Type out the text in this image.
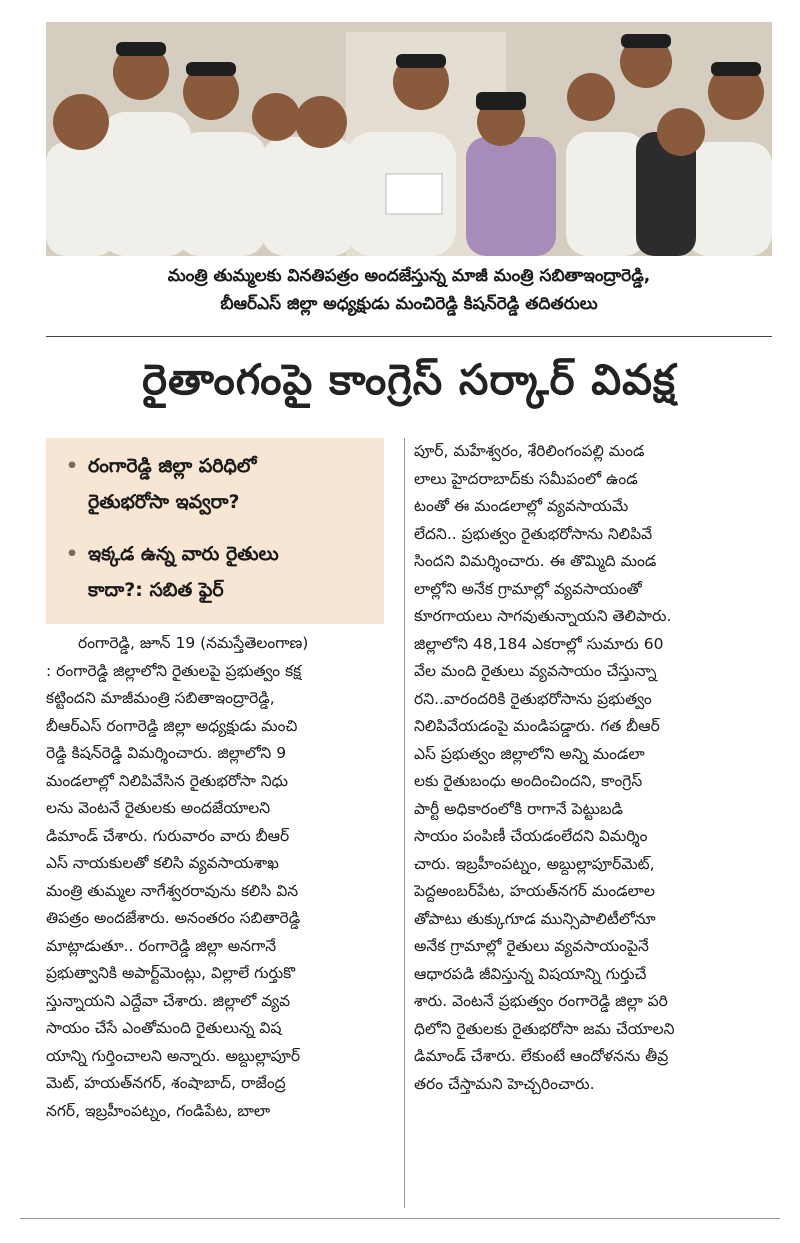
మంత్రి తుమ్మలకు వినతిపత్రం అందజేస్తున్న మాజీ మంత్రి సబితాఇంద్రారెడ్డి,
బీఆర్ఎస్ జిల్లా అధ్యక్షుడు మంచిరెడ్డి కిషన్‌రెడ్డి తదితరులు
రైతాంగంపై కాంగ్రెస్ సర్కార్ వివక్ష
• రంగారెడ్డి జిల్లా పరిధిలో
రైతుభరోసా ఇవ్వరా?
• ఇక్కడ ఉన్న వారు రైతులు
కాదా?: సబిత ఫైర్
రంగారెడ్డి, జూన్ 19 (నమస్తేతెలంగాణ)
: రంగారెడ్డి జిల్లాలోని రైతులపై ప్రభుత్వం కక్ష
కట్టిందని మాజీమంత్రి సబితాఇంద్రారెడ్డి,
బీఆర్ఎస్ రంగారెడ్డి జిల్లా అధ్యక్షుడు మంచి
రెడ్డి కిషన్‌రెడ్డి విమర్శించారు. జిల్లాలోని 9
మండలాల్లో నిలిపివేసిన రైతుభరోసా నిధు
లను వెంటనే రైతులకు అందజేయాలని
డిమాండ్ చేశారు. గురువారం వారు బీఆర్
ఎస్ నాయకులతో కలిసి వ్యవసాయశాఖ
మంత్రి తుమ్మల నాగేశ్వరరావును కలిసి విన
తిపత్రం అందజేశారు. అనంతరం సబితారెడ్డి
మాట్లాడుతూ.. రంగారెడ్డి జిల్లా అనగానే
ప్రభుత్వానికి అపార్ట్‌మెంట్లు, విల్లాలే గుర్తుకొ
స్తున్నాయని ఎద్దేవా చేశారు. జిల్లాలో వ్యవ
సాయం చేసే ఎంతోమంది రైతులున్న విష
యాన్ని గుర్తించాలని అన్నారు. అబ్దుల్లాపూర్
మెట్, హయత్‌నగర్, శంషాబాద్, రాజేంద్ర
నగర్, ఇబ్రహీంపట్నం, గండిపేట, బాలా
పూర్, మహేశ్వరం, శేరిలింగంపల్లి మండ
లాలు హైదరాబాద్‌కు సమీపంలో ఉండ
టంతో ఈ మండలాల్లో వ్యవసాయమే
లేదని.. ప్రభుత్వం రైతుభరోసాను నిలిపివే
సిందని విమర్శించారు. ఈ తొమ్మిది మండ
లాల్లోని అనేక గ్రామాల్లో వ్యవసాయంతో
కూరగాయలు సాగవుతున్నాయని తెలిపారు.
జిల్లాలోని 48,184 ఎకరాల్లో సుమారు 60
వేల మంది రైతులు వ్యవసాయం చేస్తున్నా
రని..వారందరికి రైతుభరోసాను ప్రభుత్వం
నిలిపివేయడంపై మండిపడ్డారు. గత బీఆర్
ఎస్ ప్రభుత్వం జిల్లాలోని అన్ని మండలా
లకు రైతుబంధు అందించిందని, కాంగ్రెస్
పార్టీ అధికారంలోకి రాగానే పెట్టుబడి
సాయం పంపిణీ చేయడంలేదని విమర్శిం
చారు. ఇబ్రహీంపట్నం, అబ్దుల్లాపూర్‌మెట్,
పెద్దఅంబర్‌పేట, హయత్‌నగర్ మండలాల
తోపాటు తుక్కుగూడ మున్సిపాలిటీలోనూ
అనేక గ్రామాల్లో రైతులు వ్యవసాయంపైనే
ఆధారపడి జీవిస్తున్న విషయాన్ని గుర్తుచే
శారు. వెంటనే ప్రభుత్వం రంగారెడ్డి జిల్లా పరి
ధిలోని రైతులకు రైతుభరోసా జమ చేయాలని
డిమాండ్ చేశారు. లేకుంటే ఆందోళనను తీవ్ర
తరం చేస్తామని హెచ్చరించారు.
